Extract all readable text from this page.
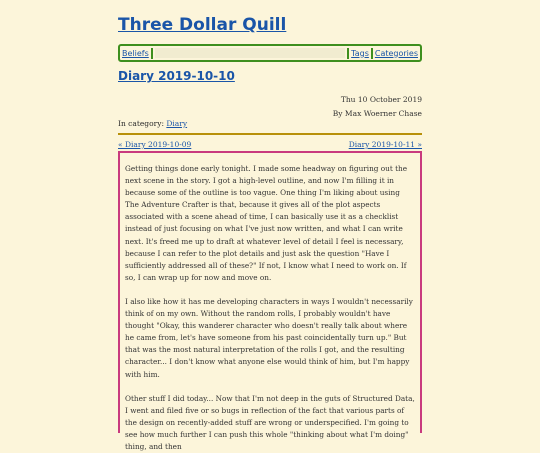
Three Dollar Quill
Beliefs	Tags Categories
Diary 2019-10-10
Thu 10 October 2019
By Max Woerner Chase
In category: Diary
« Diary 2019-10-09	Diary 2019-10-11 »

Getting things done early tonight. I made some headway on figuring out the next scene in the story. I got a high-level outline, and now I'm filling it in because some of the outline is too vague. One thing I'm liking about using The Adventure Crafter is that, because it gives all of the plot aspects associated with a scene ahead of time, I can basically use it as a checklist instead of just focusing on what I've just now written, and what I can write next. It's freed me up to draft at whatever level of detail I feel is necessary, because I can refer to the plot details and just ask the question "Have I sufficiently addressed all of these?" If not, I know what I need to work on. If so, I can wrap up for now and move on.

I also like how it has me developing characters in ways I wouldn't necessarily think of on my own. Without the random rolls, I probably wouldn't have thought "Okay, this wanderer character who doesn't really talk about where he came from, let's have someone from his past coincidentally turn up." But that was the most natural interpretation of the rolls I got, and the resulting character... I don't know what anyone else would think of him, but I'm happy with him.

Other stuff I did today... Now that I'm not deep in the guts of Structured Data, I went and filed five or so bugs in reflection of the fact that various parts of the design on recently-added stuff are wrong or underspecified. I'm going to see how much further I can push this whole "thinking about what I'm doing" thing, and then
